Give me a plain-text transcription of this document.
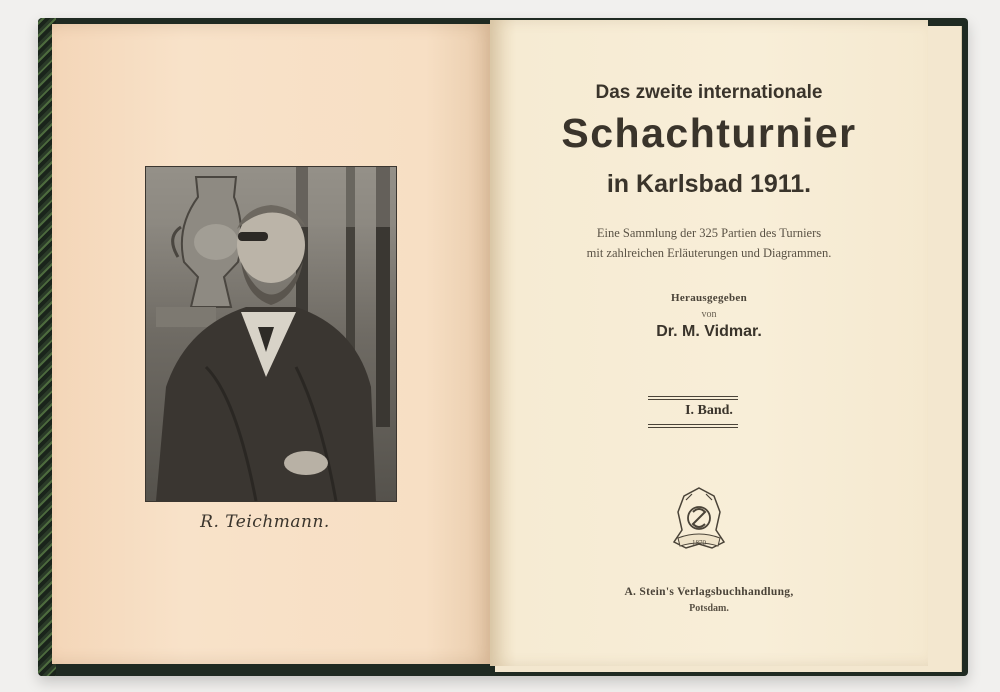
R. Teichmann.
Das zweite internationale
Schachturnier
in Karlsbad 1911.
Eine Sammlung der 325 Partien des Turniers
mit zahlreichen Erläuterungen und Diagrammen.
Herausgegeben
von
Dr. M. Vidmar.
I. Band.
1870
A. Stein's Verlagsbuchhandlung,
Potsdam.
